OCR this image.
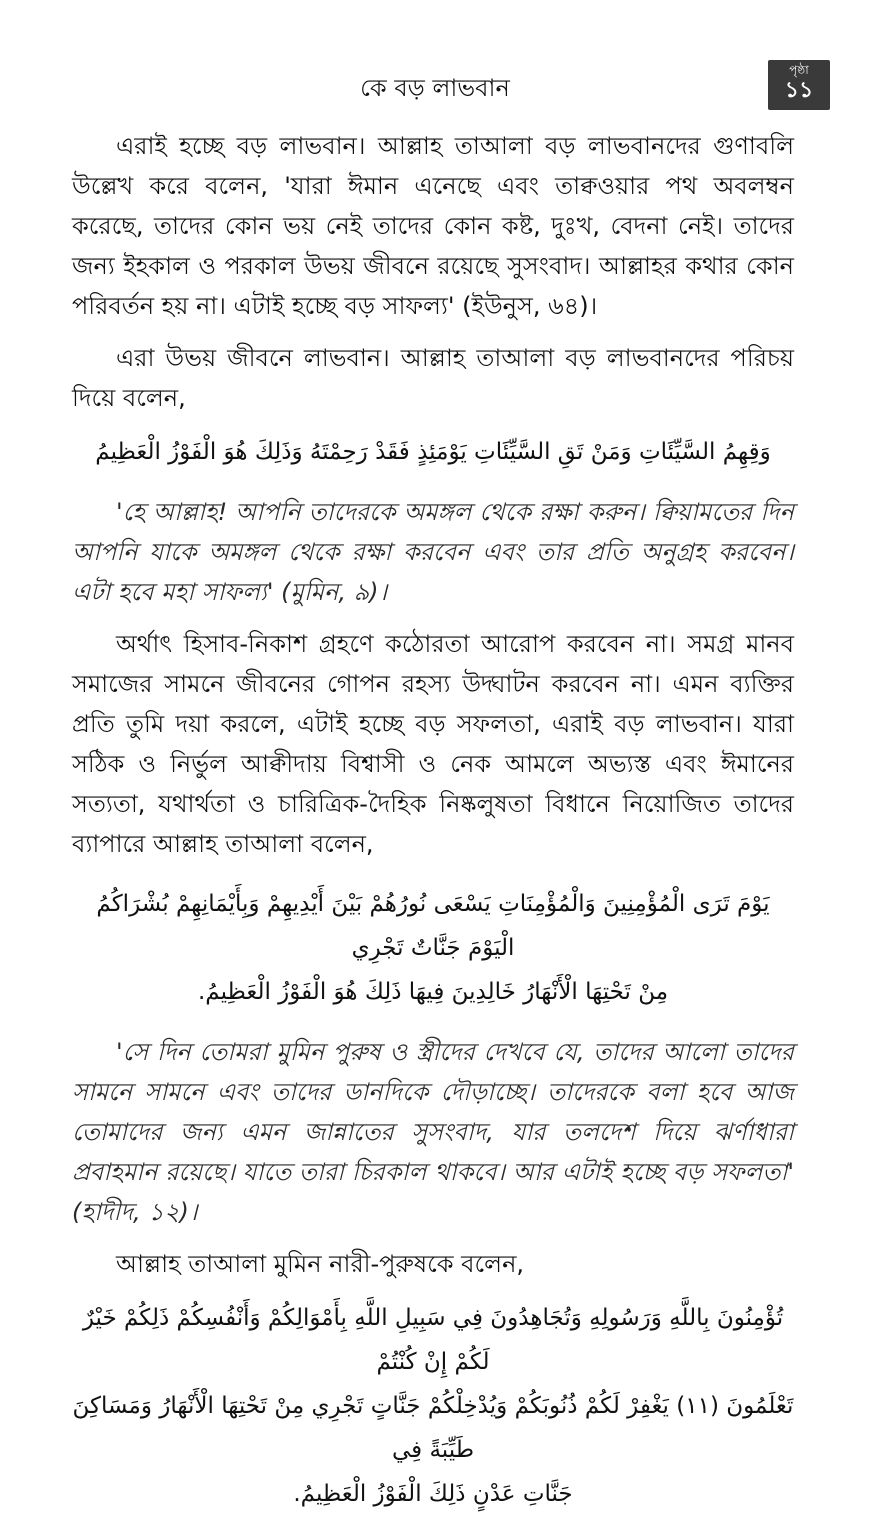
কে বড় লাভবান
পৃষ্ঠা
১১

এরাই হচ্ছে বড় লাভবান। আল্লাহ তাআলা বড় লাভবানদের গুণাবলি উল্লেখ করে বলেন, 'যারা ঈমান এনেছে এবং তাক্বওয়ার পথ অবলম্বন করেছে, তাদের কোন ভয় নেই তাদের কোন কষ্ট, দুঃখ, বেদনা নেই। তাদের জন্য ইহকাল ও পরকাল উভয় জীবনে রয়েছে সুসংবাদ। আল্লাহর কথার কোন পরিবর্তন হয় না। এটাই হচ্ছে বড় সাফল্য' (ইউনুস, ৬৪)।

এরা উভয় জীবনে লাভবান। আল্লাহ তাআলা বড় লাভবানদের পরিচয় দিয়ে বলেন,

وَقِهِمُ السَّيِّئَاتِ وَمَنْ تَقِ السَّيِّئَاتِ يَوْمَئِذٍ فَقَدْ رَحِمْتَهُ وَذَلِكَ هُوَ الْفَوْزُ الْعَظِيمُ

'হে আল্লাহ! আপনি তাদেরকে অমঙ্গল থেকে রক্ষা করুন। ক্বিয়ামতের দিন আপনি যাকে অমঙ্গল থেকে রক্ষা করবেন এবং তার প্রতি অনুগ্রহ করবেন। এটা হবে মহা সাফল্য' (মুমিন, ৯)।

অর্থাৎ হিসাব-নিকাশ গ্রহণে কঠোরতা আরোপ করবেন না। সমগ্র মানব সমাজের সামনে জীবনের গোপন রহস্য উদ্ঘাটন করবেন না। এমন ব্যক্তির প্রতি তুমি দয়া করলে, এটাই হচ্ছে বড় সফলতা, এরাই বড় লাভবান। যারা সঠিক ও নির্ভুল আক্বীদায় বিশ্বাসী ও নেক আমলে অভ্যস্ত এবং ঈমানের সত্যতা, যথার্থতা ও চারিত্রিক-দৈহিক নিষ্কলুষতা বিধানে নিয়োজিত তাদের ব্যাপারে আল্লাহ তাআলা বলেন,

يَوْمَ تَرَى الْمُؤْمِنِينَ وَالْمُؤْمِنَاتِ يَسْعَى نُورُهُمْ بَيْنَ أَيْدِيهِمْ وَبِأَيْمَانِهِمْ بُشْرَاكُمُ الْيَوْمَ جَنَّاتٌ تَجْرِي

مِنْ تَحْتِهَا الْأَنْهَارُ خَالِدِينَ فِيهَا ذَلِكَ هُوَ الْفَوْزُ الْعَظِيمُ.

'সে দিন তোমরা মুমিন পুরুষ ও স্ত্রীদের দেখবে যে, তাদের আলো তাদের সামনে সামনে এবং তাদের ডানদিকে দৌড়াচ্ছে। তাদেরকে বলা হবে আজ তোমাদের জন্য এমন জান্নাতের সুসংবাদ, যার তলদেশ দিয়ে ঝর্ণাধারা প্রবাহমান রয়েছে। যাতে তারা চিরকাল থাকবে। আর এটাই হচ্ছে বড় সফলতা' (হাদীদ, ১২)।

আল্লাহ তাআলা মুমিন নারী-পুরুষকে বলেন,

تُؤْمِنُونَ بِاللَّهِ وَرَسُولِهِ وَتُجَاهِدُونَ فِي سَبِيلِ اللَّهِ بِأَمْوَالِكُمْ وَأَنْفُسِكُمْ ذَلِكُمْ خَيْرٌ لَكُمْ إِنْ كُنْتُمْ

تَعْلَمُونَ (١١) يَغْفِرْ لَكُمْ ذُنُوبَكُمْ وَيُدْخِلْكُمْ جَنَّاتٍ تَجْرِي مِنْ تَحْتِهَا الْأَنْهَارُ وَمَسَاكِنَ طَيِّبَةً فِي

جَنَّاتِ عَدْنٍ ذَلِكَ الْفَوْزُ الْعَظِيمُ.
